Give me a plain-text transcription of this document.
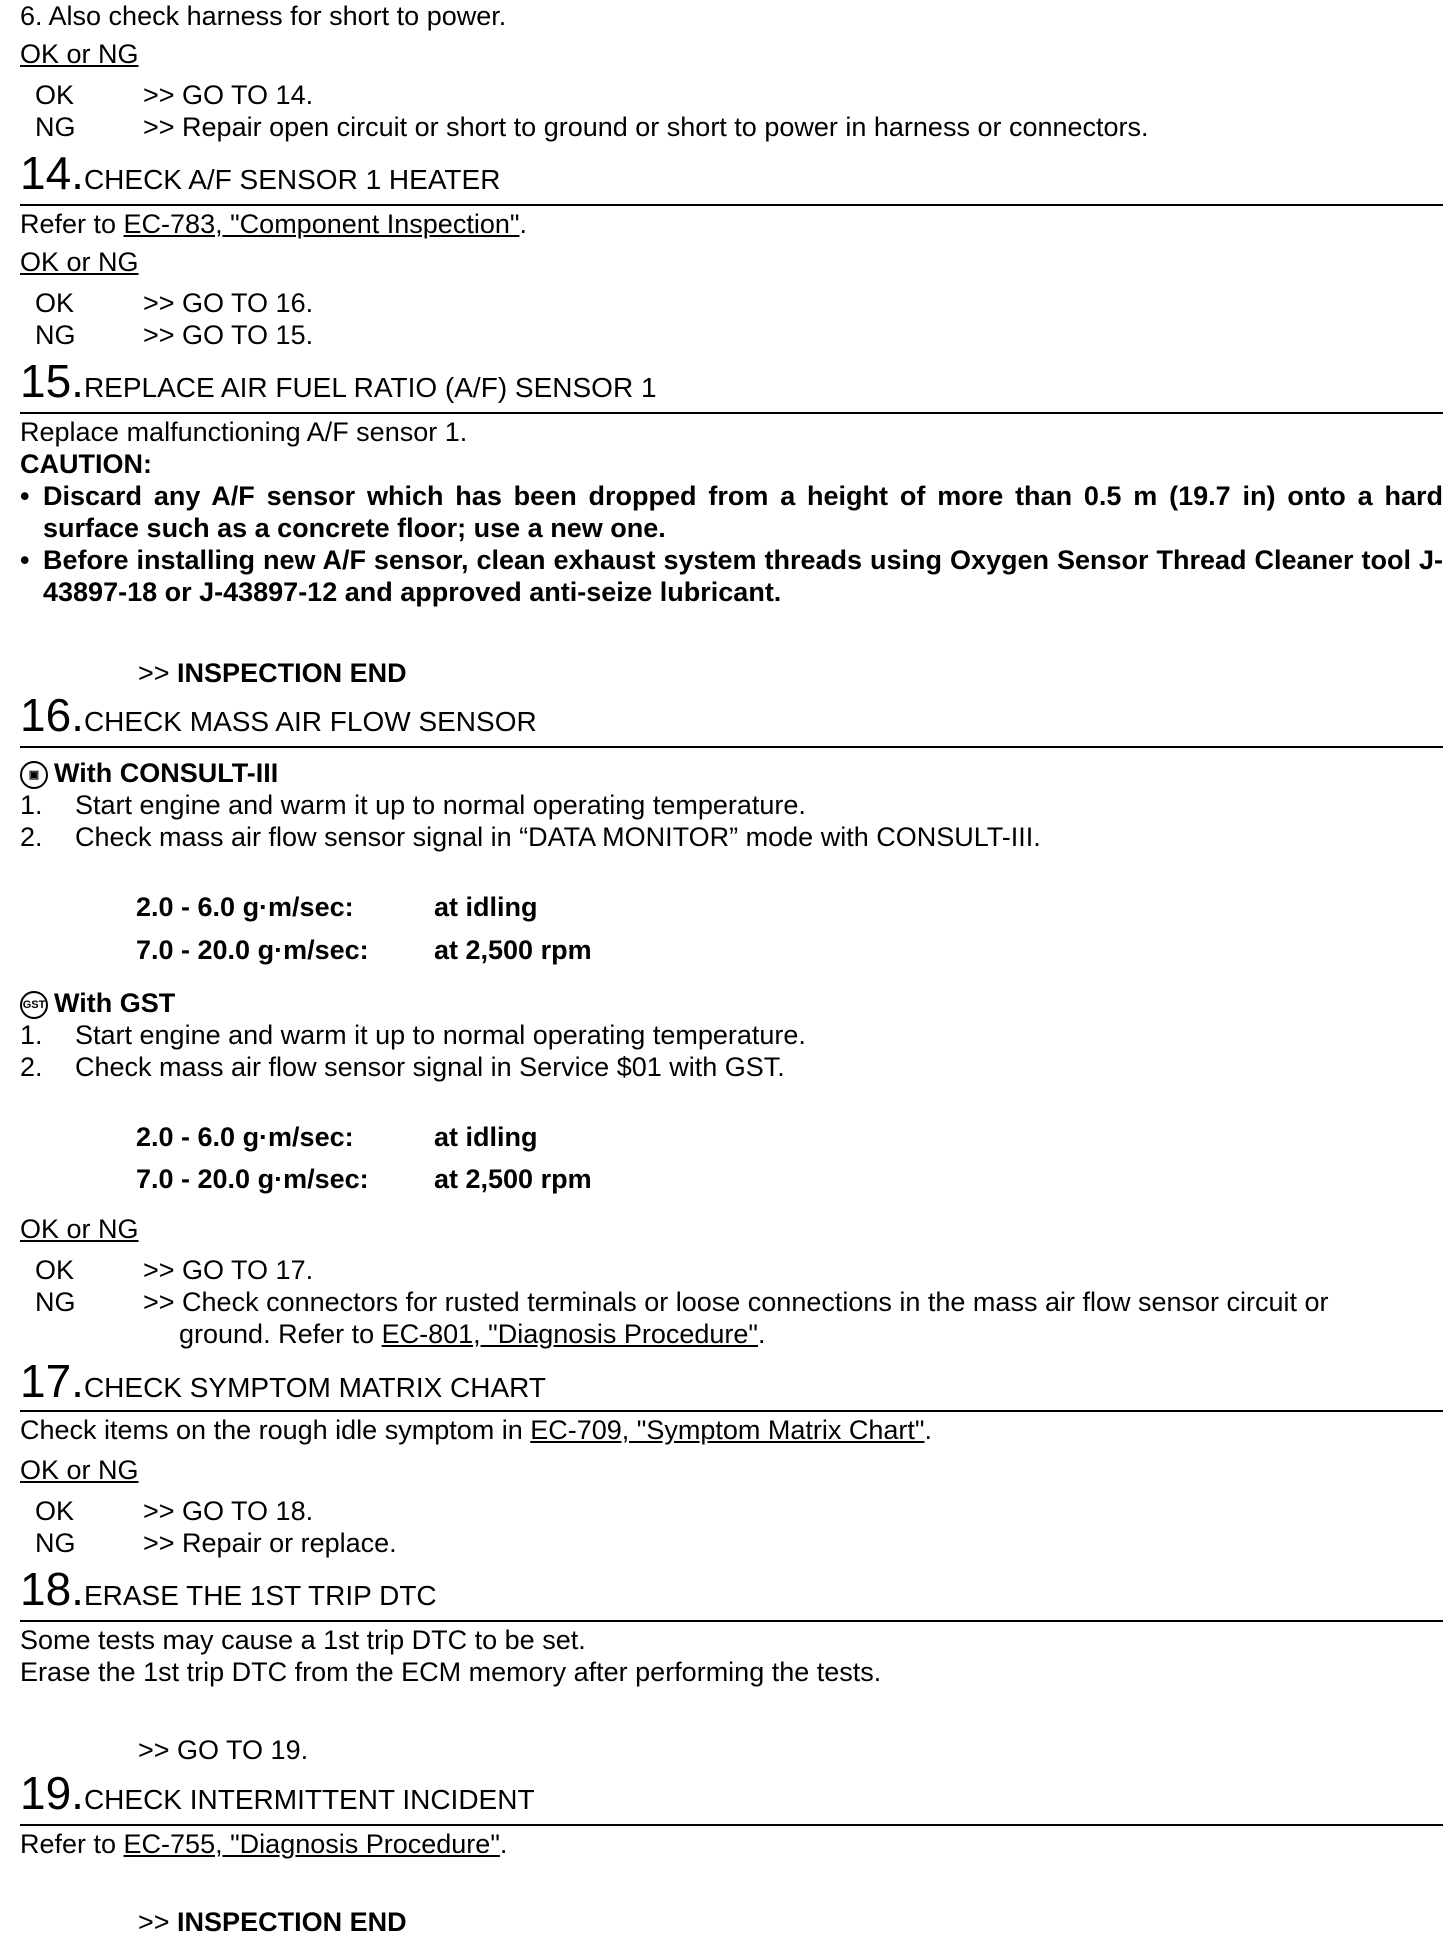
6. Also check harness for short to power.
OK or NG
OK	>> GO TO 14.
NG	>> Repair open circuit or short to ground or short to power in harness or connectors.
14.CHECK A/F SENSOR 1 HEATER
Refer to EC-783, "Component Inspection".
OK or NG
OK	>> GO TO 16.
NG	>> GO TO 15.
15.REPLACE AIR FUEL RATIO (A/F) SENSOR 1
Replace malfunctioning A/F sensor 1.
CAUTION:
• Discard any A/F sensor which has been dropped from a height of more than 0.5 m (19.7 in) onto a hard surface such as a concrete floor; use a new one.
• Before installing new A/F sensor, clean exhaust system threads using Oxygen Sensor Thread Cleaner tool J-43897-18 or J-43897-12 and approved anti-seize lubricant.
>> INSPECTION END
16.CHECK MASS AIR FLOW SENSOR
▣ With CONSULT-III
1. Start engine and warm it up to normal operating temperature.
2. Check mass air flow sensor signal in “DATA MONITOR” mode with CONSULT-III.
2.0 - 6.0 g·m/sec:	at idling
7.0 - 20.0 g·m/sec: at 2,500 rpm
GST With GST
1. Start engine and warm it up to normal operating temperature.
2. Check mass air flow sensor signal in Service $01 with GST.
2.0 - 6.0 g·m/sec:	at idling
7.0 - 20.0 g·m/sec: at 2,500 rpm
OK or NG
OK	>> GO TO 17.
NG	>> Check connectors for rusted terminals or loose connections in the mass air flow sensor circuit or
ground. Refer to EC-801, "Diagnosis Procedure".
17.CHECK SYMPTOM MATRIX CHART
Check items on the rough idle symptom in EC-709, "Symptom Matrix Chart".
OK or NG
OK	>> GO TO 18.
NG	>> Repair or replace.
18.ERASE THE 1ST TRIP DTC
Some tests may cause a 1st trip DTC to be set.
Erase the 1st trip DTC from the ECM memory after performing the tests.
>> GO TO 19.
19.CHECK INTERMITTENT INCIDENT
Refer to EC-755, "Diagnosis Procedure".
>> INSPECTION END
